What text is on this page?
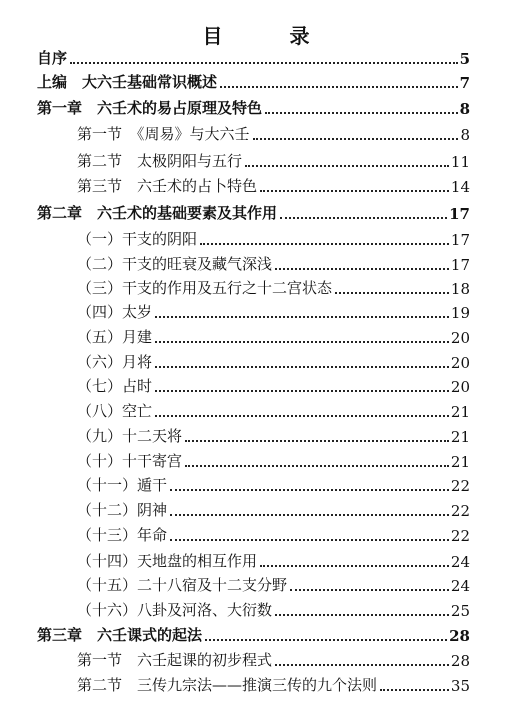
目 录
自序	5
上编　大六壬基础常识概述	7
第一章　六壬术的易占原理及特色	8
第一节　《周易》与大六壬	8
第二节　太极阴阳与五行	11
第三节　六壬术的占卜特色	14
第二章　六壬术的基础要素及其作用	17
（一）干支的阴阳	17
（二）干支的旺衰及藏气深浅	17
（三）干支的作用及五行之十二宫状态	18
（四）太岁	19
（五）月建	20
（六）月将	20
（七）占时	20
（八）空亡	21
（九）十二天将	21
（十）十干寄宫	21
（十一）遁干	22
（十二）阴神	22
（十三）年命	22
（十四）天地盘的相互作用	24
（十五）二十八宿及十二支分野	24
（十六）八卦及河洛、大衍数	25
第三章　六壬课式的起法	28
第一节　六壬起课的初步程式	28
第二节　三传九宗法——推演三传的九个法则	35
